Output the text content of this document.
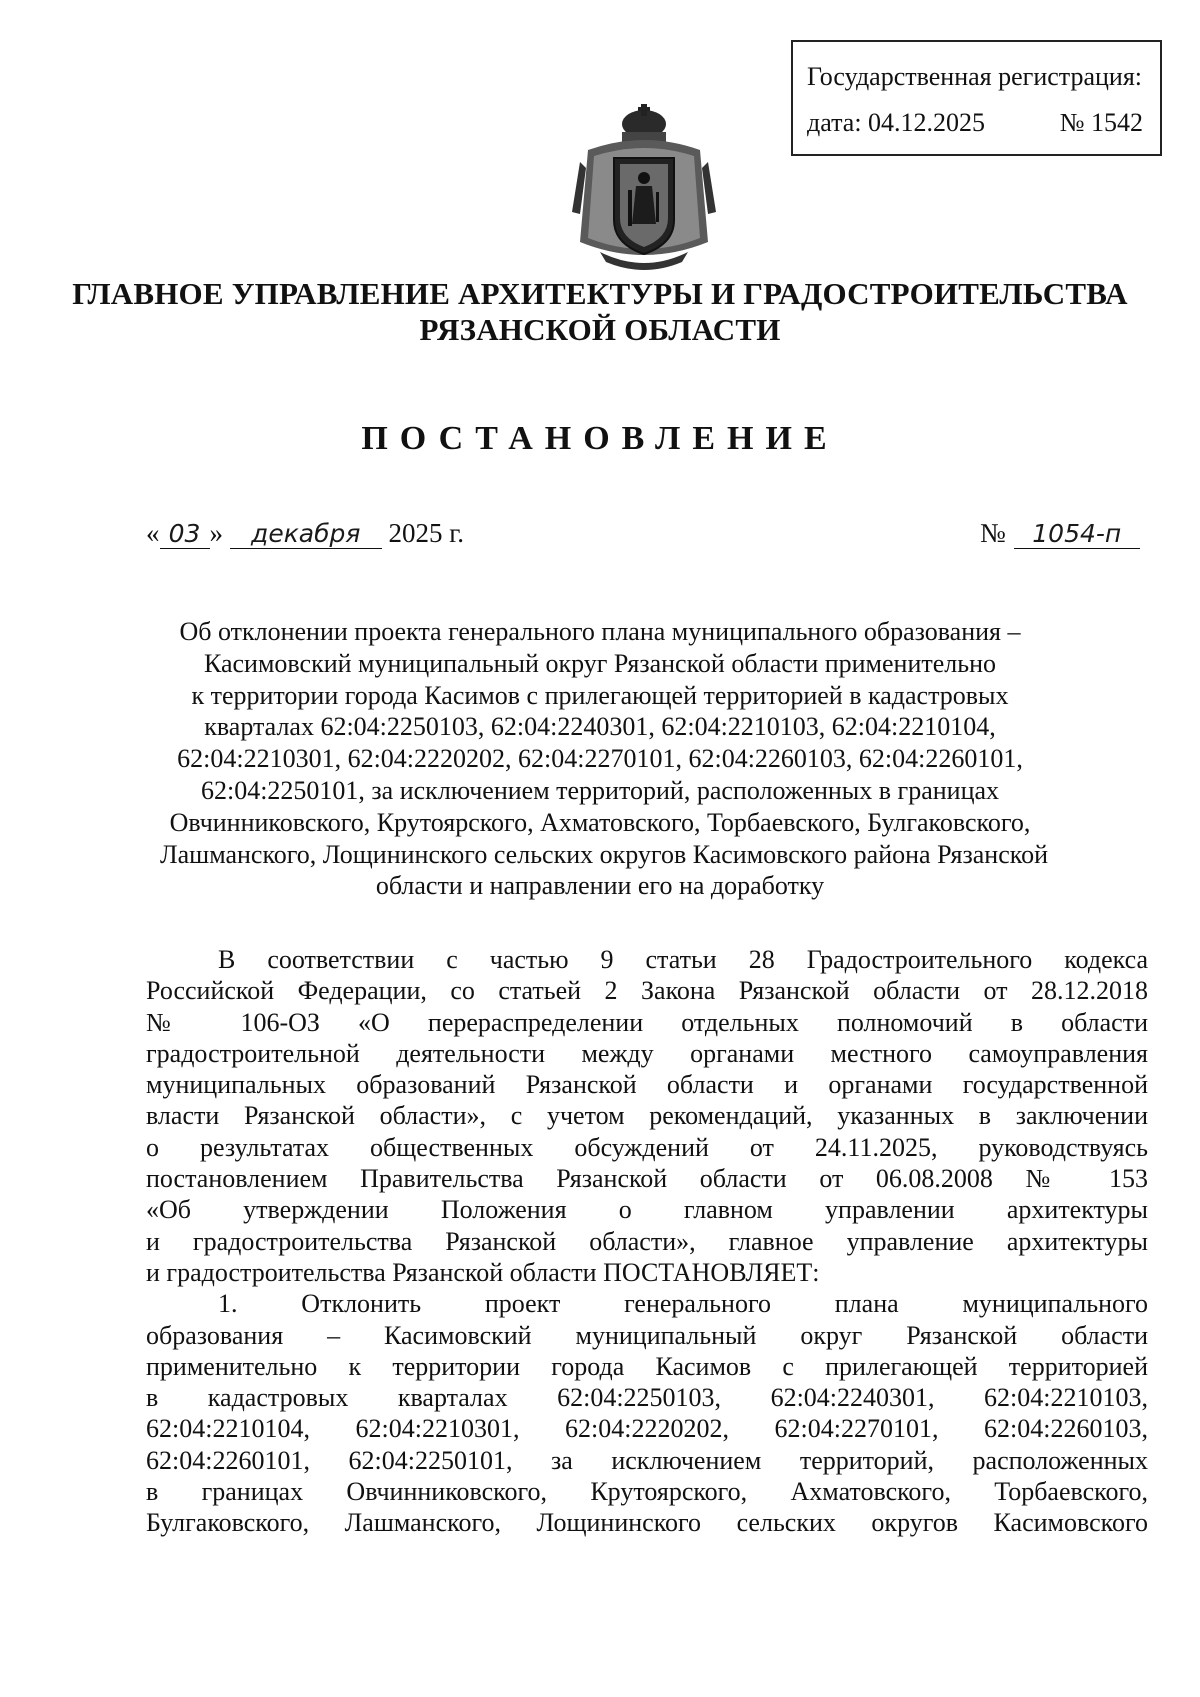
Государственная регистрация:
дата: 04.12.2025	№ 1542
ГЛАВНОЕ УПРАВЛЕНИЕ АРХИТЕКТУРЫ И ГРАДОСТРОИТЕЛЬСТВА
РЯЗАНСКОЙ ОБЛАСТИ
ПОСТАНОВЛЕНИЕ
« 03 » декабря 2025 г.	№ 1054-п
Об отклонении проекта генерального плана муниципального образования –
Касимовский муниципальный округ Рязанской области применительно
к территории города Касимов с прилегающей территорией в кадастровых
кварталах 62:04:2250103, 62:04:2240301, 62:04:2210103, 62:04:2210104,
62:04:2210301, 62:04:2220202, 62:04:2270101, 62:04:2260103, 62:04:2260101,
62:04:2250101, за исключением территорий, расположенных в границах
Овчинниковского, Крутоярского, Ахматовского, Торбаевского, Булгаковского,
Лашманского, Лощининского сельских округов Касимовского района Рязанской
области и направлении его на доработку
В соответствии с частью 9 статьи 28 Градостроительного кодекса
Российской Федерации, со статьей 2 Закона Рязанской области от 28.12.2018
№ 106-ОЗ «О перераспределении отдельных полномочий в области
градостроительной деятельности между органами местного самоуправления
муниципальных образований Рязанской области и органами государственной
власти Рязанской области», с учетом рекомендаций, указанных в заключении
о результатах общественных обсуждений от 24.11.2025, руководствуясь
постановлением Правительства Рязанской области от 06.08.2008 № 153
«Об утверждении Положения о главном управлении архитектуры
и градостроительства Рязанской области», главное управление архитектуры
и градостроительства Рязанской области ПОСТАНОВЛЯЕТ:
1. Отклонить проект генерального плана муниципального
образования – Касимовский муниципальный округ Рязанской области
применительно к территории города Касимов с прилегающей территорией
в кадастровых кварталах 62:04:2250103, 62:04:2240301, 62:04:2210103,
62:04:2210104, 62:04:2210301, 62:04:2220202, 62:04:2270101, 62:04:2260103,
62:04:2260101, 62:04:2250101, за исключением территорий, расположенных
в границах Овчинниковского, Крутоярского, Ахматовского, Торбаевского,
Булгаковского, Лашманского, Лощининского сельских округов Касимовского
